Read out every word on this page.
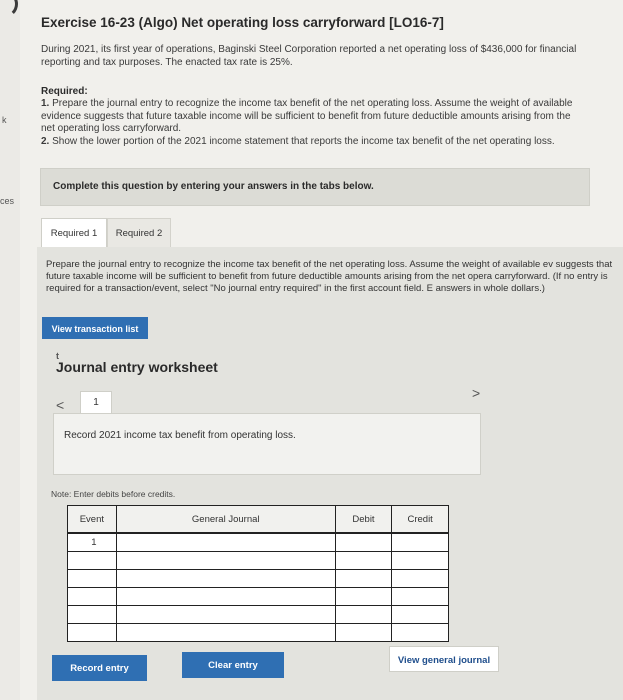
k
ces
Exercise 16-23 (Algo) Net operating loss carryforward [LO16-7]
During 2021, its first year of operations, Baginski Steel Corporation reported a net operating loss of $436,000 for financial reporting and tax purposes. The enacted tax rate is 25%.
Required:
1. Prepare the journal entry to recognize the income tax benefit of the net operating loss. Assume the weight of available evidence suggests that future taxable income will be sufficient to benefit from future deductible amounts arising from the net operating loss carryforward.
2. Show the lower portion of the 2021 income statement that reports the income tax benefit of the net operating loss.
Complete this question by entering your answers in the tabs below.
Required 1	Required 2
Prepare the journal entry to recognize the income tax benefit of the net operating loss. Assume the weight of available ev suggests that future taxable income will be sufficient to benefit from future deductible amounts arising from the net opera carryforward. (If no entry is required for a transaction/event, select "No journal entry required" in the first account field. E answers in whole dollars.)
View transaction list
t
Journal entry worksheet
<	1
>
Record 2021 income tax benefit from operating loss.
Note: Enter debits before credits.
Event	General Journal	Debit	Credit
1			

Record entry	Clear entry	View general journal
